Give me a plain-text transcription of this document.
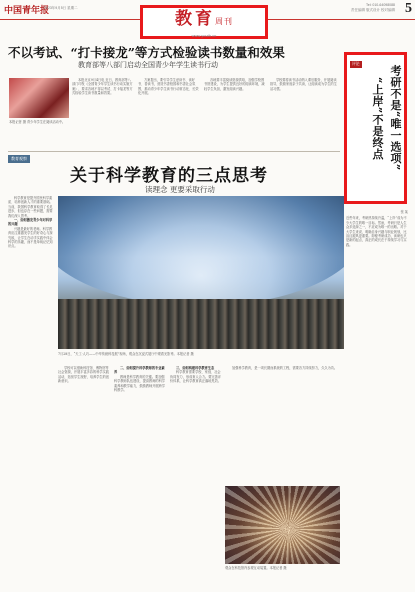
中国青年报
2023年9月5日 星期二
Tel: 010-64098088
责任编辑 版式设计 校对编辑 5
教育周刊
www.youth.cn
不以考试、“打卡接龙”等方式检验读书数量和效果
教育部等八部门启动全国青少年学生读书行动
本报记者 摄 青少年学生在阅读活动中。

本报北京9月4日电 近日，教育部等八部门印发《全国青少年学生读书行动实施方案》，要求各地不得以考试、打卡接龙等方式检验学生读书数量和效果。

方案提出，要引导学生爱读书、读好书、善读书，营造书香校园和书香社会氛围，推动青少年学生读书行动常态化、长效化开展。

各地要丰富阅读资源供给，加强学校图书馆建设，为学生提供良好的阅读环境，减轻学生负担，激发阅读兴趣。

学校要将读书活动纳入课后服务，开展阅读指导，鼓励家庭亲子共读，让阅读成为学生的生活习惯。

评论
考研不是“唯一选项”
“上岸”不是终点
张 某
近些年来，考研热持续升温，“上岸”成为不少大学生的唯一目标。然而，考研只是人生众多选择之一，不应成为唯一的出路。对于大学生来说，明确自身兴趣与职业规划，比盲目跟风更重要。即便考研成功，读研也只是新的起点，真正的成长在于持续学习与实践。
教育观察
关于科学教育的三点思考
读理念 更要采取行动

科学教育是提升国民科学素质、培养创新人才的重要基础。当前，我国科学教育取得了长足进步，但也存在一些问题，需要我们深入思考。

一、如何激发青少年对科学的兴趣

兴趣是最好的老师。科学教育应注重激发学生的好奇心与探究欲，让学生在动手实践中体会科学的乐趣，而不是单纯记忆知识点。

7月28日，“天工·人巧——中华传统科技展”现场，观众在沉浸式展厅中观看光影秀。本报记者 摄

学校可以借助科技馆、博物馆等社会资源，开展丰富多彩的科学实践活动，拓宽学生视野，培养学生的创新意识。

二、如何提升科学教师的专业素养

教师是科学教育的关键。要加强科学教师队伍建设，提高教师的科学素养和教学能力，鼓励教师开展跨学科教学。

三、如何构建科学教育生态

科学教育需要学校、家庭、社会协同发力，形成育人合力。要完善评价体系，让科学教育真正落地见效。

加强科学教育，是一项长期而系统的工程，需要各方持续努力，久久为功。

观众在科技馆内参观互动装置。本报记者 摄
